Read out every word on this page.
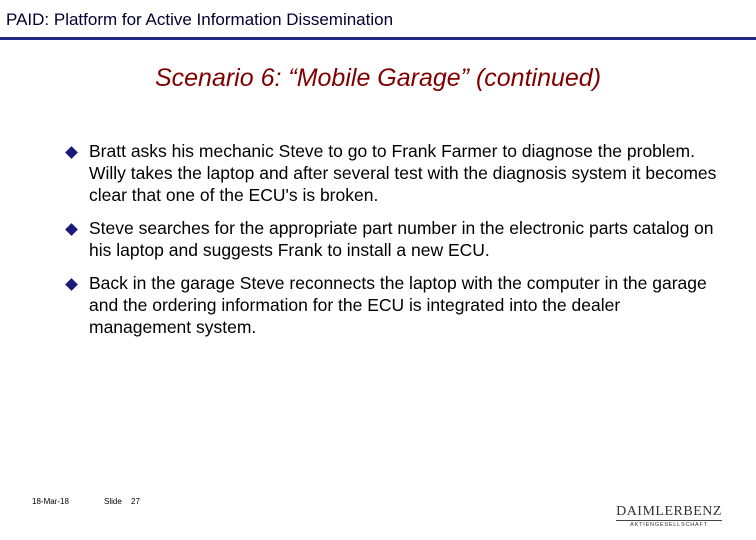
PAID: Platform for Active Information Dissemination
Scenario 6: “Mobile Garage” (continued)
Bratt asks his mechanic Steve to go to Frank Farmer to diagnose the problem. Willy takes the laptop and after several test with the diagnosis system it becomes clear that one of the ECU's is broken.
Steve searches for the appropriate part number in the electronic parts catalog on his laptop and suggests Frank to install a new ECU.
Back in the garage Steve reconnects the laptop with the computer in the garage and the ordering information for the ECU is integrated into the dealer management system.
18-Mar-18	Slide 27
DAIMLERBENZ
AKTIENGESELLSCHAFT
